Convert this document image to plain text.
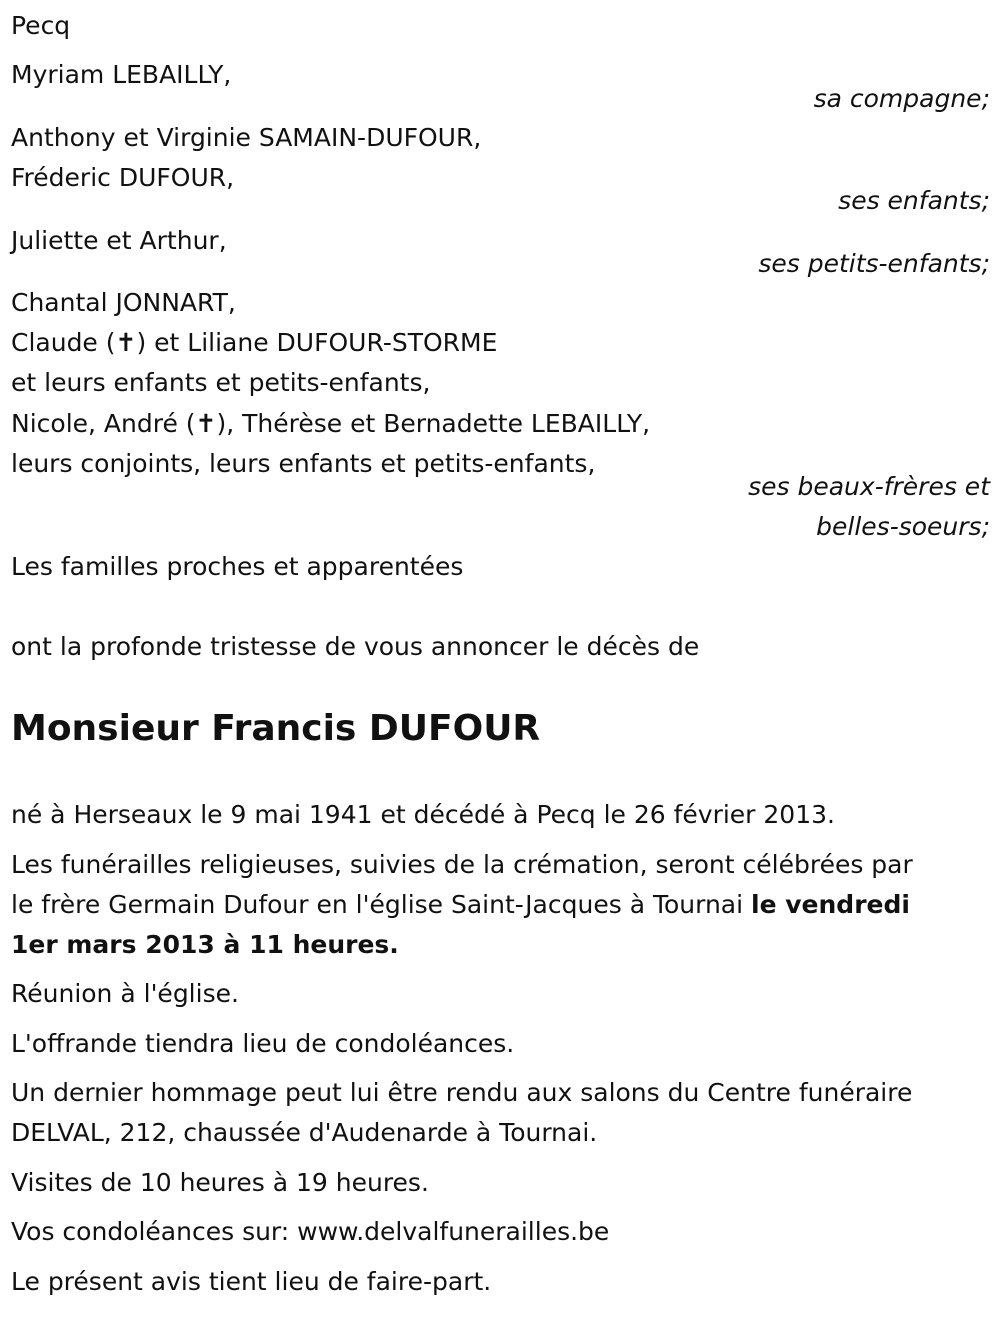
Pecq
Myriam LEBAILLY,
sa compagne;
Anthony et Virginie SAMAIN-DUFOUR,
Fréderic DUFOUR,
ses enfants;
Juliette et Arthur,
ses petits-enfants;
Chantal JONNART,
Claude (✝) et Liliane DUFOUR-STORME
et leurs enfants et petits-enfants,
Nicole, André (✝), Thérèse et Bernadette LEBAILLY,
leurs conjoints, leurs enfants et petits-enfants,
ses beaux-frères et
belles-soeurs;
Les familles proches et apparentées
ont la profonde tristesse de vous annoncer le décès de
Monsieur Francis DUFOUR
né à Herseaux le 9 mai 1941 et décédé à Pecq le 26 février 2013.
Les funérailles religieuses, suivies de la crémation, seront célébrées par
le frère Germain Dufour en l'église Saint-Jacques à Tournai le vendredi
1er mars 2013 à 11 heures.
Réunion à l'église.
L'offrande tiendra lieu de condoléances.
Un dernier hommage peut lui être rendu aux salons du Centre funéraire
DELVAL, 212, chaussée d'Audenarde à Tournai.
Visites de 10 heures à 19 heures.
Vos condoléances sur: www.delvalfunerailles.be
Le présent avis tient lieu de faire-part.
